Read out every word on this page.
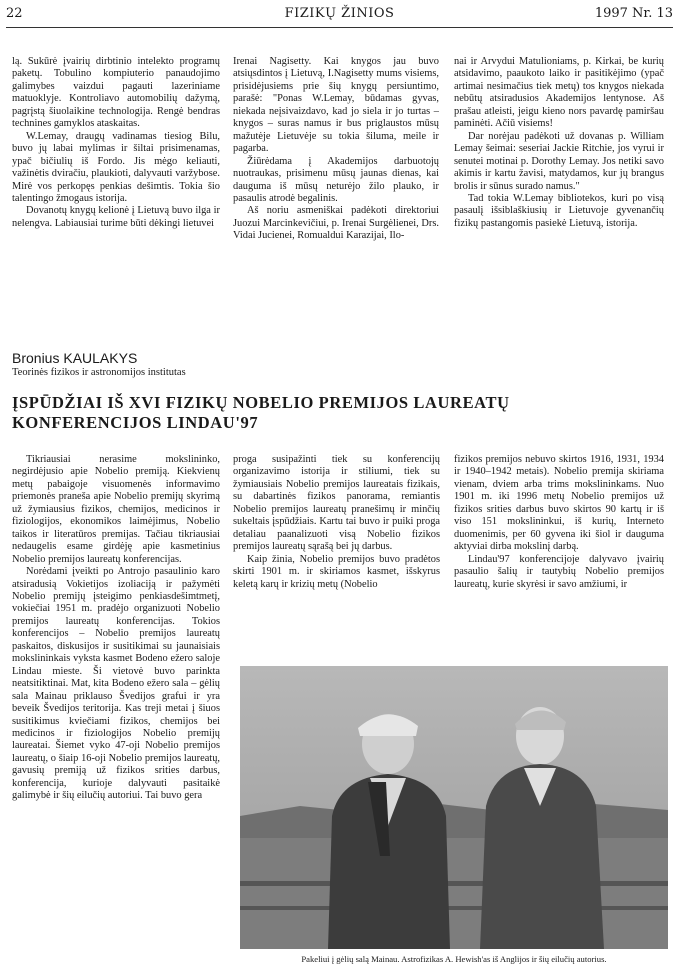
22	FIZIKŲ ŽINIOS	1997 Nr. 13

lą. Sukūrė įvairių dirbtinio intelekto programų paketų. Tobulino kompiuterio panaudojimo galimybes vaizdui pagauti lazeriniame matuoklyje. Kontroliavo automobilių dažymą, pagrįstą šiuolaikine technologija. Rengė bendras technines gamyklos ataskaitas.

W.Lemay, draugų vadinamas tiesiog Bilu, buvo jų labai mylimas ir šiltai prisimenamas, ypač bičiulių iš Fordo. Jis mėgo keliauti, važinėtis dviračiu, plaukioti, dalyvauti varžybose. Mirė vos perkopęs penkias dešimtis. Tokia šio talentingo žmogaus istorija.

Dovanotų knygų kelionė į Lietuvą buvo ilga ir nelengva. Labiausiai turime būti dėkingi lietuvei

Irenai Nagisetty. Kai knygos jau buvo atsiųsdintos į Lietuvą, I.Nagisetty mums visiems, prisidėjusiems prie šių knygų persiuntimo, parašė: "Ponas W.Lemay, būdamas gyvas, niekada neįsivaizdavo, kad jo siela ir jo turtas – knygos – suras namus ir bus priglaustos mūsų mažutėje Lietuvėje su tokia šiluma, meile ir pagarba.

Žiūrėdama į Akademijos darbuotojų nuotraukas, prisimenu mūsų jaunas dienas, kai dauguma iš mūsų neturėjo žilo plauko, ir pasaulis atrodė begalinis.

Aš noriu asmeniškai padėkoti direktoriui Juozui Marcinkevičiui, p. Irenai Surgėlienei, Drs. Vidai Jucienei, Romualdui Karazijai, Ilo-

nai ir Arvydui Matulioniams, p. Kirkai, be kurių atsidavimo, paaukoto laiko ir pasitikėjimo (ypač artimai nesimačius tiek metų) tos knygos niekada nebūtų atsiradusios Akademijos lentynose. Aš prašau atleisti, jeigu kieno nors pavardę pamiršau paminėti. Ačiū visiems!

Dar norėjau padėkoti už dovanas p. William Lemay šeimai: seseriai Jackie Ritchie, jos vyrui ir senutei motinai p. Dorothy Lemay. Jos netiki savo akimis ir kartu žavisi, matydamos, kur jų brangus brolis ir sūnus surado namus."

Tad tokia W.Lemay bibliotekos, kuri po visą pasaulį išsiblaškiusių ir Lietuvoje gyvenančių fizikų pastangomis pasiekė Lietuvą, istorija.

Bronius KAULAKYS
Teorinės fizikos ir astronomijos institutas
ĮSPŪDŽIAI IŠ XVI FIZIKŲ NOBELIO PREMIJOS LAUREATŲ
KONFERENCIJOS LINDAU'97

Tikriausiai nerasime mokslininko, negirdėjusio apie Nobelio premiją. Kiekvienų metų pabaigoje visuomenės informavimo priemonės praneša apie Nobelio premijų skyrimą už žymiausius fizikos, chemijos, medicinos ir fiziologijos, ekonomikos laimėjimus, Nobelio taikos ir literatūros premijas. Tačiau tikriausiai nedaugelis esame girdėję apie kasmetinius Nobelio premijos laureatų konferencijas.

Norėdami įveikti po Antrojo pasaulinio karo atsiradusią Vokietijos izoliaciją ir pažymėti Nobelio premijų įsteigimo penkiasdešimtmetį, vokiečiai 1951 m. pradėjo organizuoti Nobelio premijos laureatų konferencijas. Tokios konferencijos – Nobelio premijos laureatų paskaitos, diskusijos ir susitikimai su jaunaisiais mokslininkais vyksta kasmet Bodeno ežero saloje Lindau mieste. Ši vietovė buvo parinkta neatsitiktinai. Mat, kita Bodeno ežero sala – gėlių sala Mainau priklauso Švedijos grafui ir yra beveik Švedijos teritorija. Kas treji metai į šiuos susitikimus kviečiami fizikos, chemijos bei medicinos ir fiziologijos Nobelio premijų laureatai. Šiemet vyko 47-oji Nobelio premijos laureatų, o šiaip 16-oji Nobelio premijos laureatų, gavusių premiją už fizikos srities darbus, konferencija, kurioje dalyvauti pasitaikė galimybė ir šių eilučių autoriui. Tai buvo gera

proga susipažinti tiek su konferencijų organizavimo istorija ir stiliumi, tiek su žymiausiais Nobelio premijos laureatais fizikais, su dabartinės fizikos panorama, remiantis Nobelio premijos laureatų pranešimų ir minčių sukeltais įspūdžiais. Kartu tai buvo ir puiki proga detaliau paanalizuoti visą Nobelio fizikos premijos laureatų sąrašą bei jų darbus.

Kaip žinia, Nobelio premijos buvo pradėtos skirti 1901 m. ir skiriamos kasmet, išskyrus keletą karų ir krizių metų (Nobelio

fizikos premijos nebuvo skirtos 1916, 1931, 1934 ir 1940–1942 metais). Nobelio premija skiriama vienam, dviem arba trims mokslininkams. Nuo 1901 m. iki 1996 metų Nobelio premijos už fizikos srities darbus buvo skirtos 90 kartų ir iš viso 151 mokslininkui, iš kurių, Interneto duomenimis, per 60 gyvena iki šiol ir dauguma aktyviai dirba mokslinį darbą.

Lindau'97 konferencijoje dalyvavo įvairių pasaulio šalių ir tautybių Nobelio premijos laureatų, kurie skyrėsi ir savo amžiumi, ir

Pakeliui į gėlių salą Mainau. Astrofizikas A. Hewish'as iš Anglijos ir šių eilučių autorius.
